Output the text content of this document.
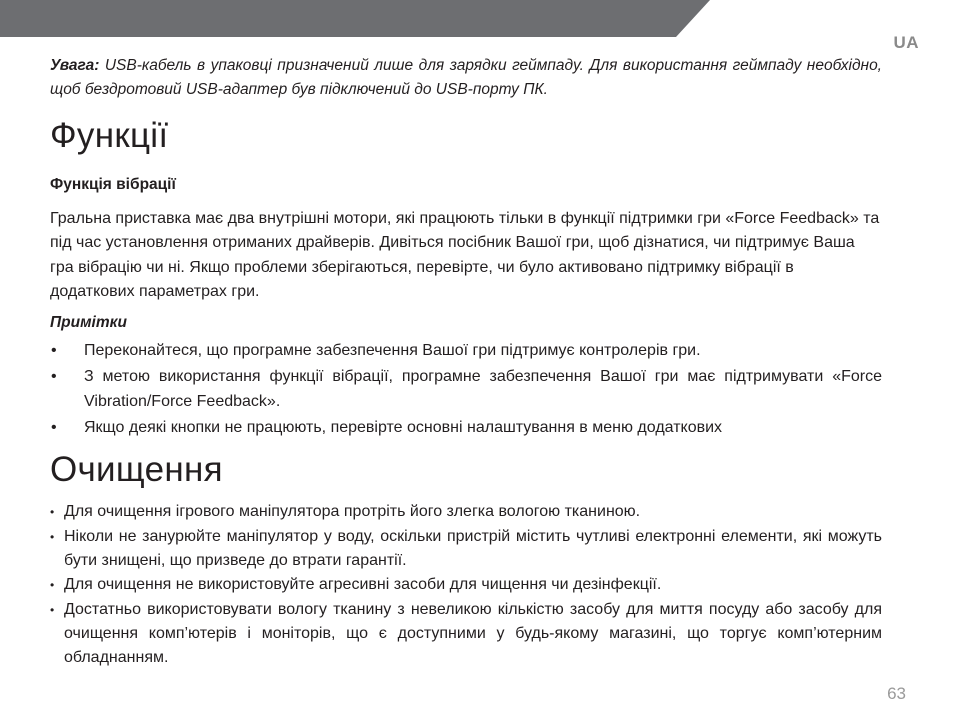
UA

Увага: USB-кабель в упаковці призначений лише для зарядки геймпаду. Для використання геймпаду необхідно, щоб бездротовий USB-адаптер був підключений до USB-порту ПК.

Функції
Функція вібрації

Гральна приставка має два внутрішні мотори, які працюють тільки в функції підтримки гри «Force Feedback» та під час установлення отриманих драйверів. Дивіться посібник Вашої гри, щоб дізнатися, чи підтримує Ваша гра вібрацію чи ні. Якщо проблеми зберігаються, перевірте, чи було активовано підтримку вібрації в додаткових параметрах гри.

Примітки
• Переконайтеся, що програмне забезпечення Вашої гри підтримує контролерів гри.
• З метою використання функції вібрації, програмне забезпечення Вашої гри має підтримувати «Force Vibration/Force Feedback».
• Якщо деякі кнопки не працюють, перевірте основні налаштування в меню додаткових
Очищення
• Для очищення ігрового маніпулятора протріть його злегка вологою тканиною.
• Ніколи не занурюйте маніпулятор у воду, оскільки пристрій містить чутливі електронні елементи, які можуть бути знищені, що призведе до втрати гарантії.
• Для очищення не використовуйте агресивні засоби для чищення чи дезінфекції.
• Достатньо використовувати вологу тканину з невеликою кількістю засобу для миття посуду або засобу для очищення комп’ютерів і моніторів, що є доступними у будь-якому магазині, що торгує комп’ютерним обладнанням.
63
